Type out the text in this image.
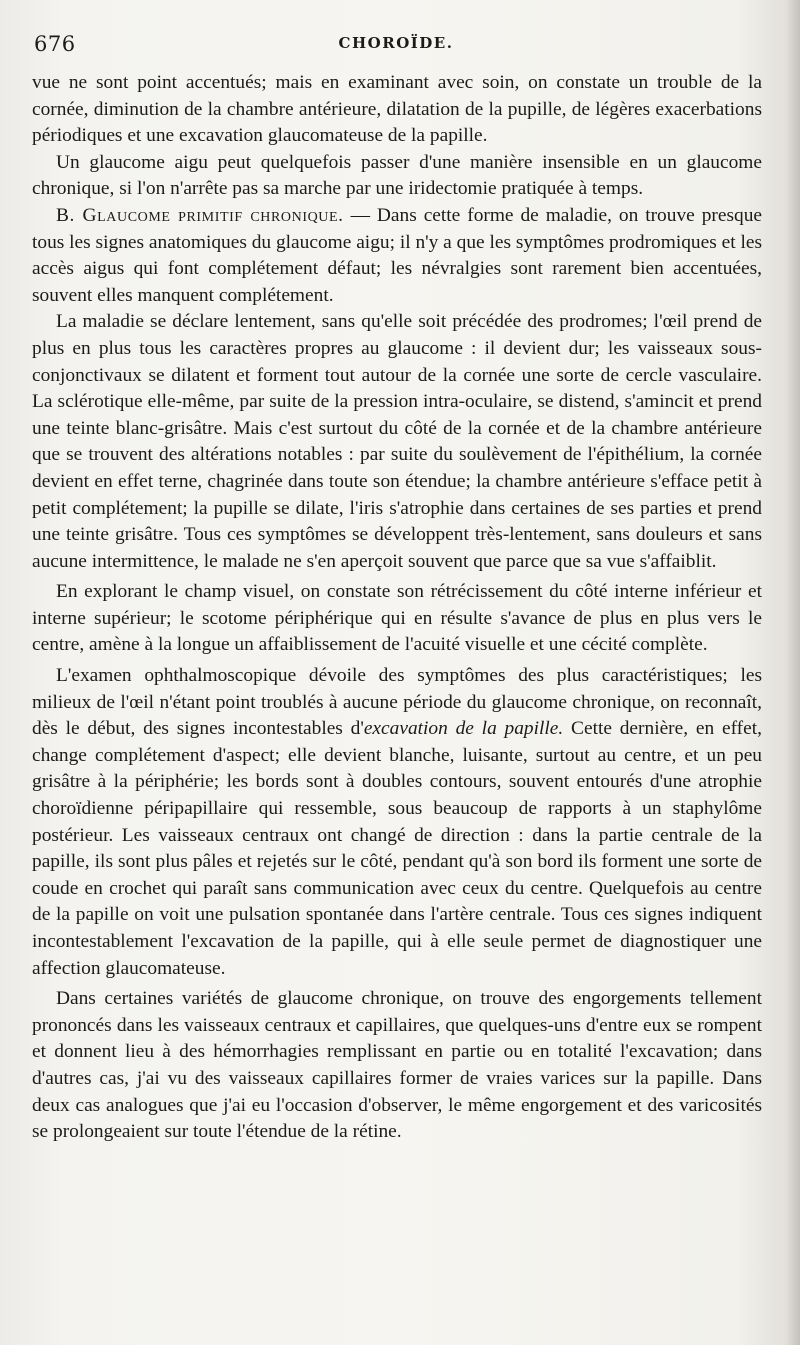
676	CHOROÏDE.

vue ne sont point accentués; mais en examinant avec soin, on constate un trouble de la cornée, diminution de la chambre antérieure, dilatation de la pupille, de légères exacerbations périodiques et une excavation glaucomateuse de la papille.

Un glaucome aigu peut quelquefois passer d'une manière insensible en un glaucome chronique, si l'on n'arrête pas sa marche par une iridectomie pratiquée à temps.

B. Glaucome primitif chronique. — Dans cette forme de maladie, on trouve presque tous les signes anatomiques du glaucome aigu; il n'y a que les symptômes prodromiques et les accès aigus qui font complétement défaut; les névralgies sont rarement bien accentuées, souvent elles manquent complétement.

La maladie se déclare lentement, sans qu'elle soit précédée des prodromes; l'œil prend de plus en plus tous les caractères propres au glaucome : il devient dur; les vaisseaux sous-conjonctivaux se dilatent et forment tout autour de la cornée une sorte de cercle vasculaire. La sclérotique elle-même, par suite de la pression intra-oculaire, se distend, s'amincit et prend une teinte blanc-grisâtre. Mais c'est surtout du côté de la cornée et de la chambre antérieure que se trouvent des altérations notables : par suite du soulèvement de l'épithélium, la cornée devient en effet terne, chagrinée dans toute son étendue; la chambre antérieure s'efface petit à petit complétement; la pupille se dilate, l'iris s'atrophie dans certaines de ses parties et prend une teinte grisâtre. Tous ces symptômes se développent très-lentement, sans douleurs et sans aucune intermittence, le malade ne s'en aperçoit souvent que parce que sa vue s'affaiblit.

En explorant le champ visuel, on constate son rétrécissement du côté interne inférieur et interne supérieur; le scotome périphérique qui en résulte s'avance de plus en plus vers le centre, amène à la longue un affaiblissement de l'acuité visuelle et une cécité complète.

L'examen ophthalmoscopique dévoile des symptômes des plus caractéristiques; les milieux de l'œil n'étant point troublés à aucune période du glaucome chronique, on reconnaît, dès le début, des signes incontestables d'excavation de la papille. Cette dernière, en effet, change complétement d'aspect; elle devient blanche, luisante, surtout au centre, et un peu grisâtre à la périphérie; les bords sont à doubles contours, souvent entourés d'une atrophie choroïdienne péripapillaire qui ressemble, sous beaucoup de rapports à un staphylôme postérieur. Les vaisseaux centraux ont changé de direction : dans la partie centrale de la papille, ils sont plus pâles et rejetés sur le côté, pendant qu'à son bord ils forment une sorte de coude en crochet qui paraît sans communication avec ceux du centre. Quelquefois au centre de la papille on voit une pulsation spontanée dans l'artère centrale. Tous ces signes indiquent incontestablement l'excavation de la papille, qui à elle seule permet de diagnostiquer une affection glaucomateuse.

Dans certaines variétés de glaucome chronique, on trouve des engorgements tellement prononcés dans les vaisseaux centraux et capillaires, que quelques-uns d'entre eux se rompent et donnent lieu à des hémorrhagies remplissant en partie ou en totalité l'excavation; dans d'autres cas, j'ai vu des vaisseaux capillaires former de vraies varices sur la papille. Dans deux cas analogues que j'ai eu l'occasion d'observer, le même engorgement et des varicosités se prolongeaient sur toute l'étendue de la rétine.
